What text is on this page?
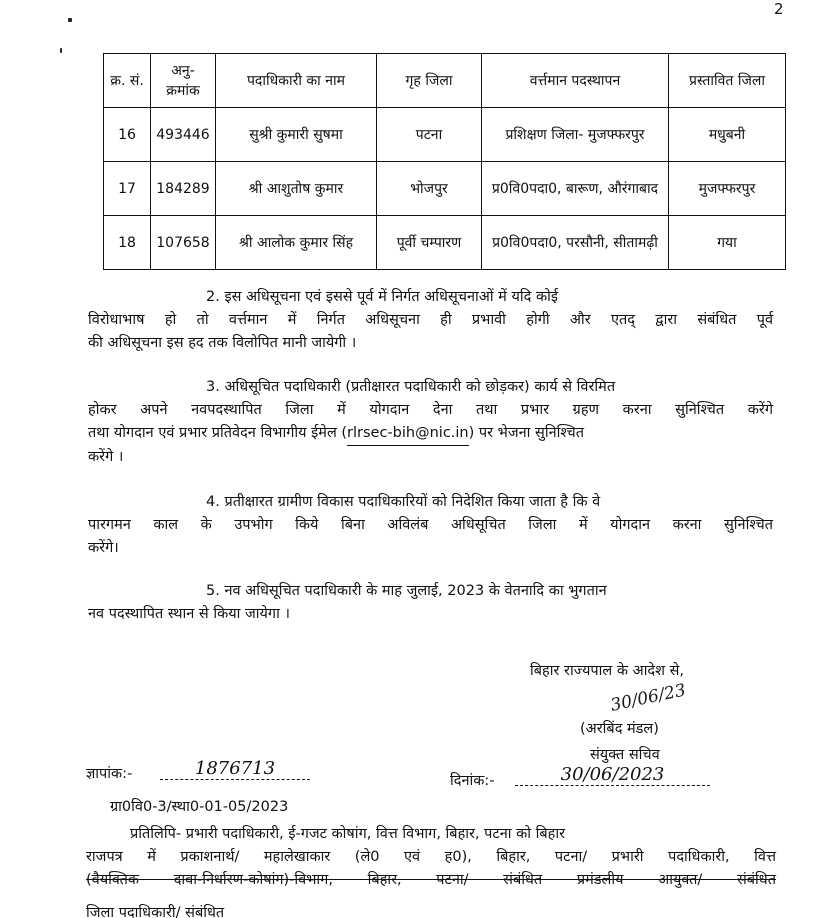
2
क्र. सं.	अनु- क्रमांक	पदाधिकारी का नाम	गृह जिला	वर्त्तमान पदस्थापन	प्रस्तावित जिला
16	493446	सुश्री कुमारी सुषमा	पटना	प्रशिक्षण जिला- मुजफ्फरपुर	मधुबनी
17	184289	श्री आशुतोष कुमार	भोजपुर	प्र0वि0पदा0, बारूण, औरंगाबाद	मुजफ्फरपुर
18	107658	श्री आलोक कुमार सिंह	पूर्वी चम्पारण	प्र0वि0पदा0, परसौनी, सीतामढ़ी	गया
2. इस अधिसूचना एवं इससे पूर्व में निर्गत अधिसूचनाओं में यदि कोई
विरोधाभाष हो तो वर्त्तमान में निर्गत अधिसूचना ही प्रभावी होगी और एतद् द्वारा संबंधित पूर्व
की अधिसूचना इस हद तक विलोपित मानी जायेगी ।
3. अधिसूचित पदाधिकारी (प्रतीक्षारत पदाधिकारी को छोड़कर) कार्य से विरमित
होकर अपने नवपदस्थापित जिला में योगदान देना तथा प्रभार ग्रहण करना सुनिश्चित करेंगे
तथा योगदान एवं प्रभार प्रतिवेदन विभागीय ईमेल (rlrsec-bih@nic.in) पर भेजना सुनिश्चित
करेंगे ।
4. प्रतीक्षारत ग्रामीण विकास पदाधिकारियों को निदेशित किया जाता है कि वे
पारगमन काल के उपभोग किये बिना अविलंब अधिसूचित जिला में योगदान करना सुनिश्चित
करेंगे।
5. नव अधिसूचित पदाधिकारी के माह जुलाई, 2023 के वेतनादि का भुगतान
नव पदस्थापित स्थान से किया जायेगा ।
बिहार राज्यपाल के आदेश से,
30/06/23
(अरबिंद मंडल)
संयुक्त सचिव
ज्ञापांक:-	1876713
दिनांक:-	30/06/2023
ग्रा0वि0-3/स्था0-01-05/2023
प्रतिलिपि- प्रभारी पदाधिकारी, ई-गजट कोषांग, वित्त विभाग, बिहार, पटना को बिहार
राजपत्र में प्रकाशनार्थ/ महालेखाकार (ले0 एवं ह0), बिहार, पटना/ प्रभारी पदाधिकारी, वित्त
(वैयक्तिक दावा-निर्धारण-कोषांग)-विभाग, बिहार, पटना/ संबंधित प्रमंडलीय आयुक्त/ संबंधित
जिला पदाधिकारी/ संबंधित
